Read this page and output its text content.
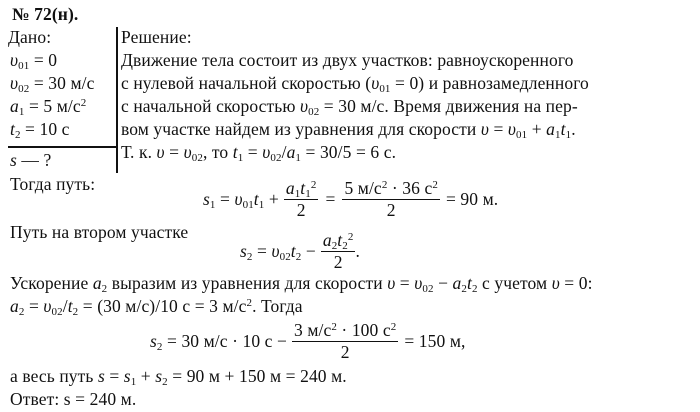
№ 72(н).
Дано:
$\upsilon_{01} = 0$
$\upsilon_{02} = 30$ м/с
$a_1 = 5$ $м/с^2$
$t_2 = 10$ с
s — ?
Решение:
Движение тела состоит из двух участков: равноускоренного
с нулевой начальной скоростью $(\upsilon_{01} = 0)$ и равнозамедленного
с начальной скоростью $\upsilon_{02} = 30$ м/с. Время движения на пер-
вом участке найдем из уравнения для скорости $\upsilon = \upsilon_{01} + a_1t_1$.
Т. к. $\upsilon = \upsilon_{02}$, то $t_1 = \upsilon_{02}/a_1 = 30/5 = 6$ с.
Тогда путь:
$s_1 = \upsilon_{01}t_1 + \frac{a_1t_1^2}{2} = \frac{5 м/с^2 \cdot 36 с^2}{2} = 90$ м.
Путь на втором участке
$s_2 = \upsilon_{02}t_2 - \frac{a_2t_2^2}{2}$ .
Ускорение $a_2$ выразим из уравнения для скорости $\upsilon = \upsilon_{02} - a_2t_2$ с учетом υ = 0:
$a_2 = \upsilon_{02}/t_2 = (30$ м/с)/10 с = 3 $м/с^2$. Тогда
$s_2 = 30$ м/с · 10 $с - \frac{3 м/с^2 \cdot 100 с^2}{2} = 150$ м,
а весь путь $s = s_1 + s_2 = 90$ м + 150 м = 240 м.
Ответ: s = 240 м.
